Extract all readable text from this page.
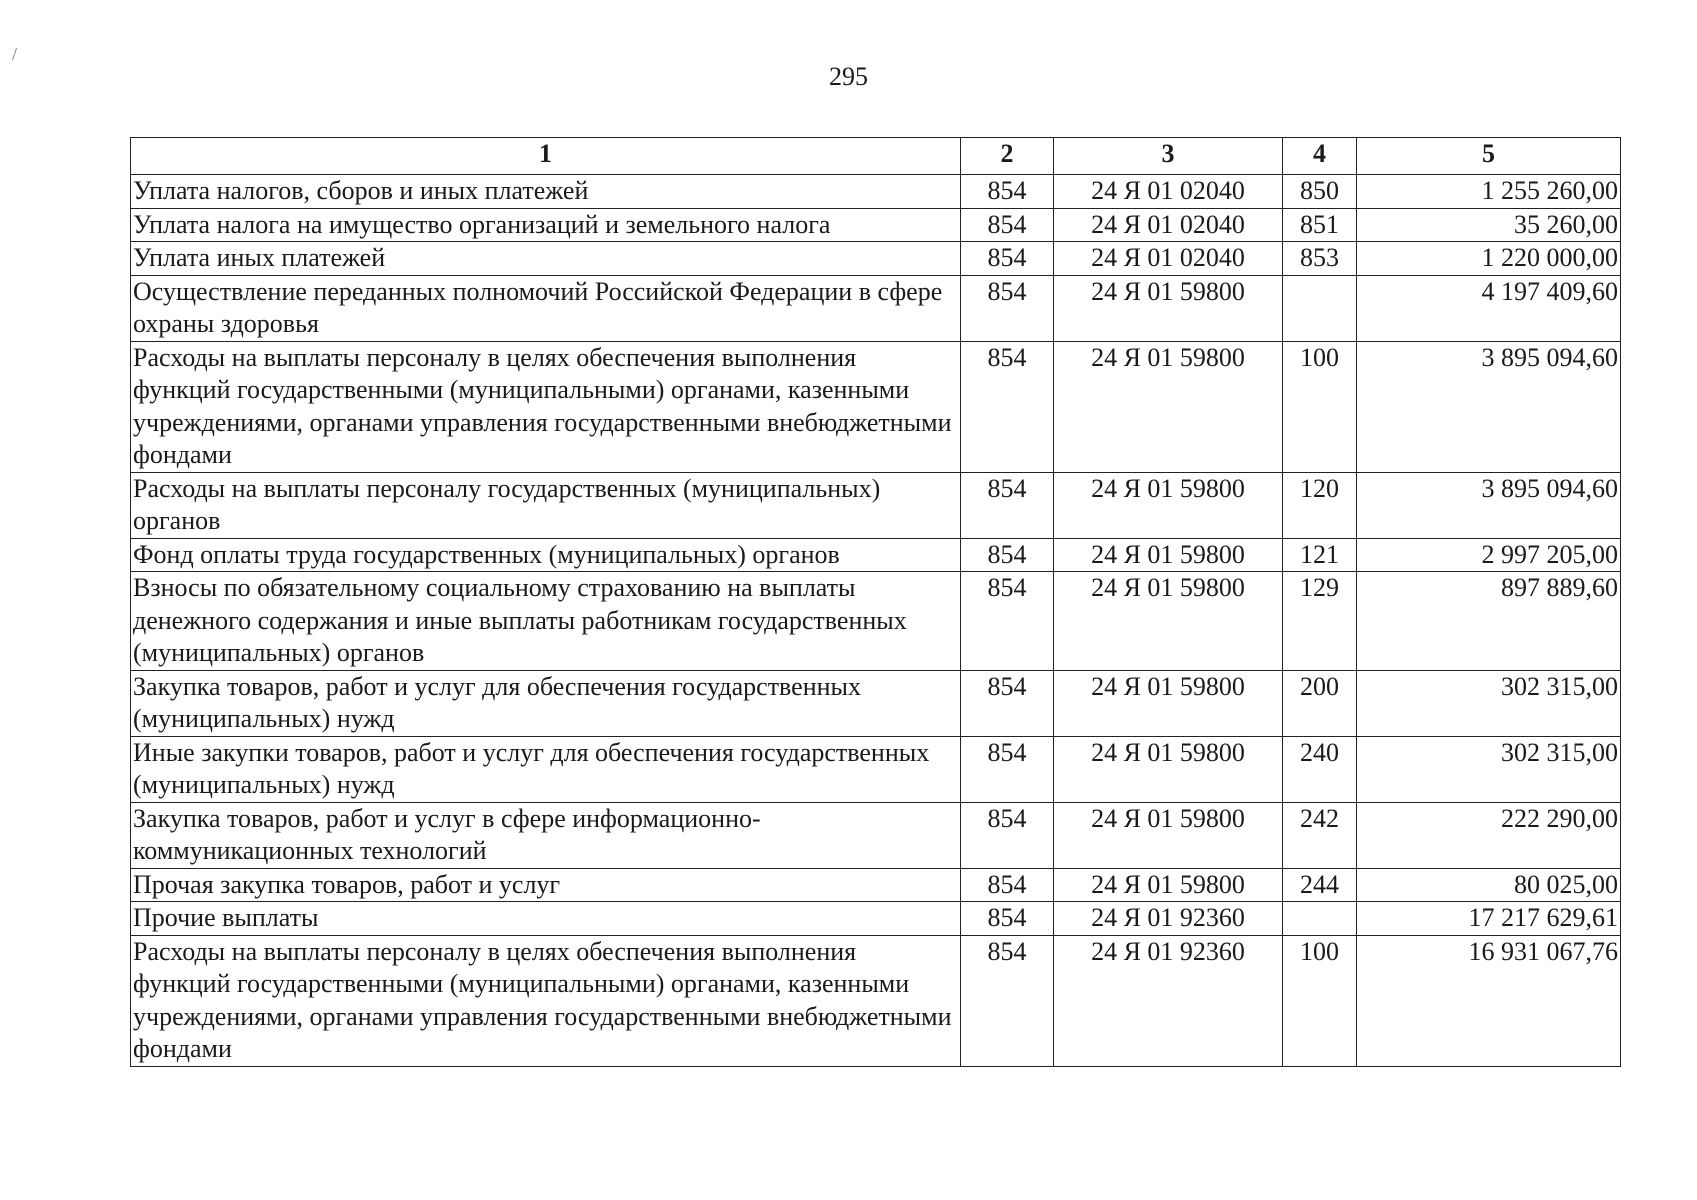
/
295
1	2	3	4	5
Уплата налогов, сборов и иных платежей	854	24 Я 01 02040	850	1 255 260,00
Уплата налога на имущество организаций и земельного налога	854	24 Я 01 02040	851	35 260,00
Уплата иных платежей	854	24 Я 01 02040	853	1 220 000,00
Осуществление переданных полномочий Российской Федерации в сфере охраны здоровья	854	24 Я 01 59800		4 197 409,60
Расходы на выплаты персоналу в целях обеспечения выполнения функций государственными (муниципальными) органами, казенными учреждениями, органами управления государственными внебюджетными фондами	854	24 Я 01 59800	100	3 895 094,60
Расходы на выплаты персоналу государственных (муниципальных) органов	854	24 Я 01 59800	120	3 895 094,60
Фонд оплаты труда государственных (муниципальных) органов	854	24 Я 01 59800	121	2 997 205,00
Взносы по обязательному социальному страхованию на выплаты денежного содержания и иные выплаты работникам государственных (муниципальных) органов	854	24 Я 01 59800	129	897 889,60
Закупка товаров, работ и услуг для обеспечения государственных (муниципальных) нужд	854	24 Я 01 59800	200	302 315,00
Иные закупки товаров, работ и услуг для обеспечения государственных (муниципальных) нужд	854	24 Я 01 59800	240	302 315,00
Закупка товаров, работ и услуг в сфере информационно-коммуникационных технологий	854	24 Я 01 59800	242	222 290,00
Прочая закупка товаров, работ и услуг	854	24 Я 01 59800	244	80 025,00
Прочие выплаты	854	24 Я 01 92360		17 217 629,61
Расходы на выплаты персоналу в целях обеспечения выполнения функций государственными (муниципальными) органами, казенными учреждениями, органами управления государственными внебюджетными фондами	854	24 Я 01 92360	100	16 931 067,76
